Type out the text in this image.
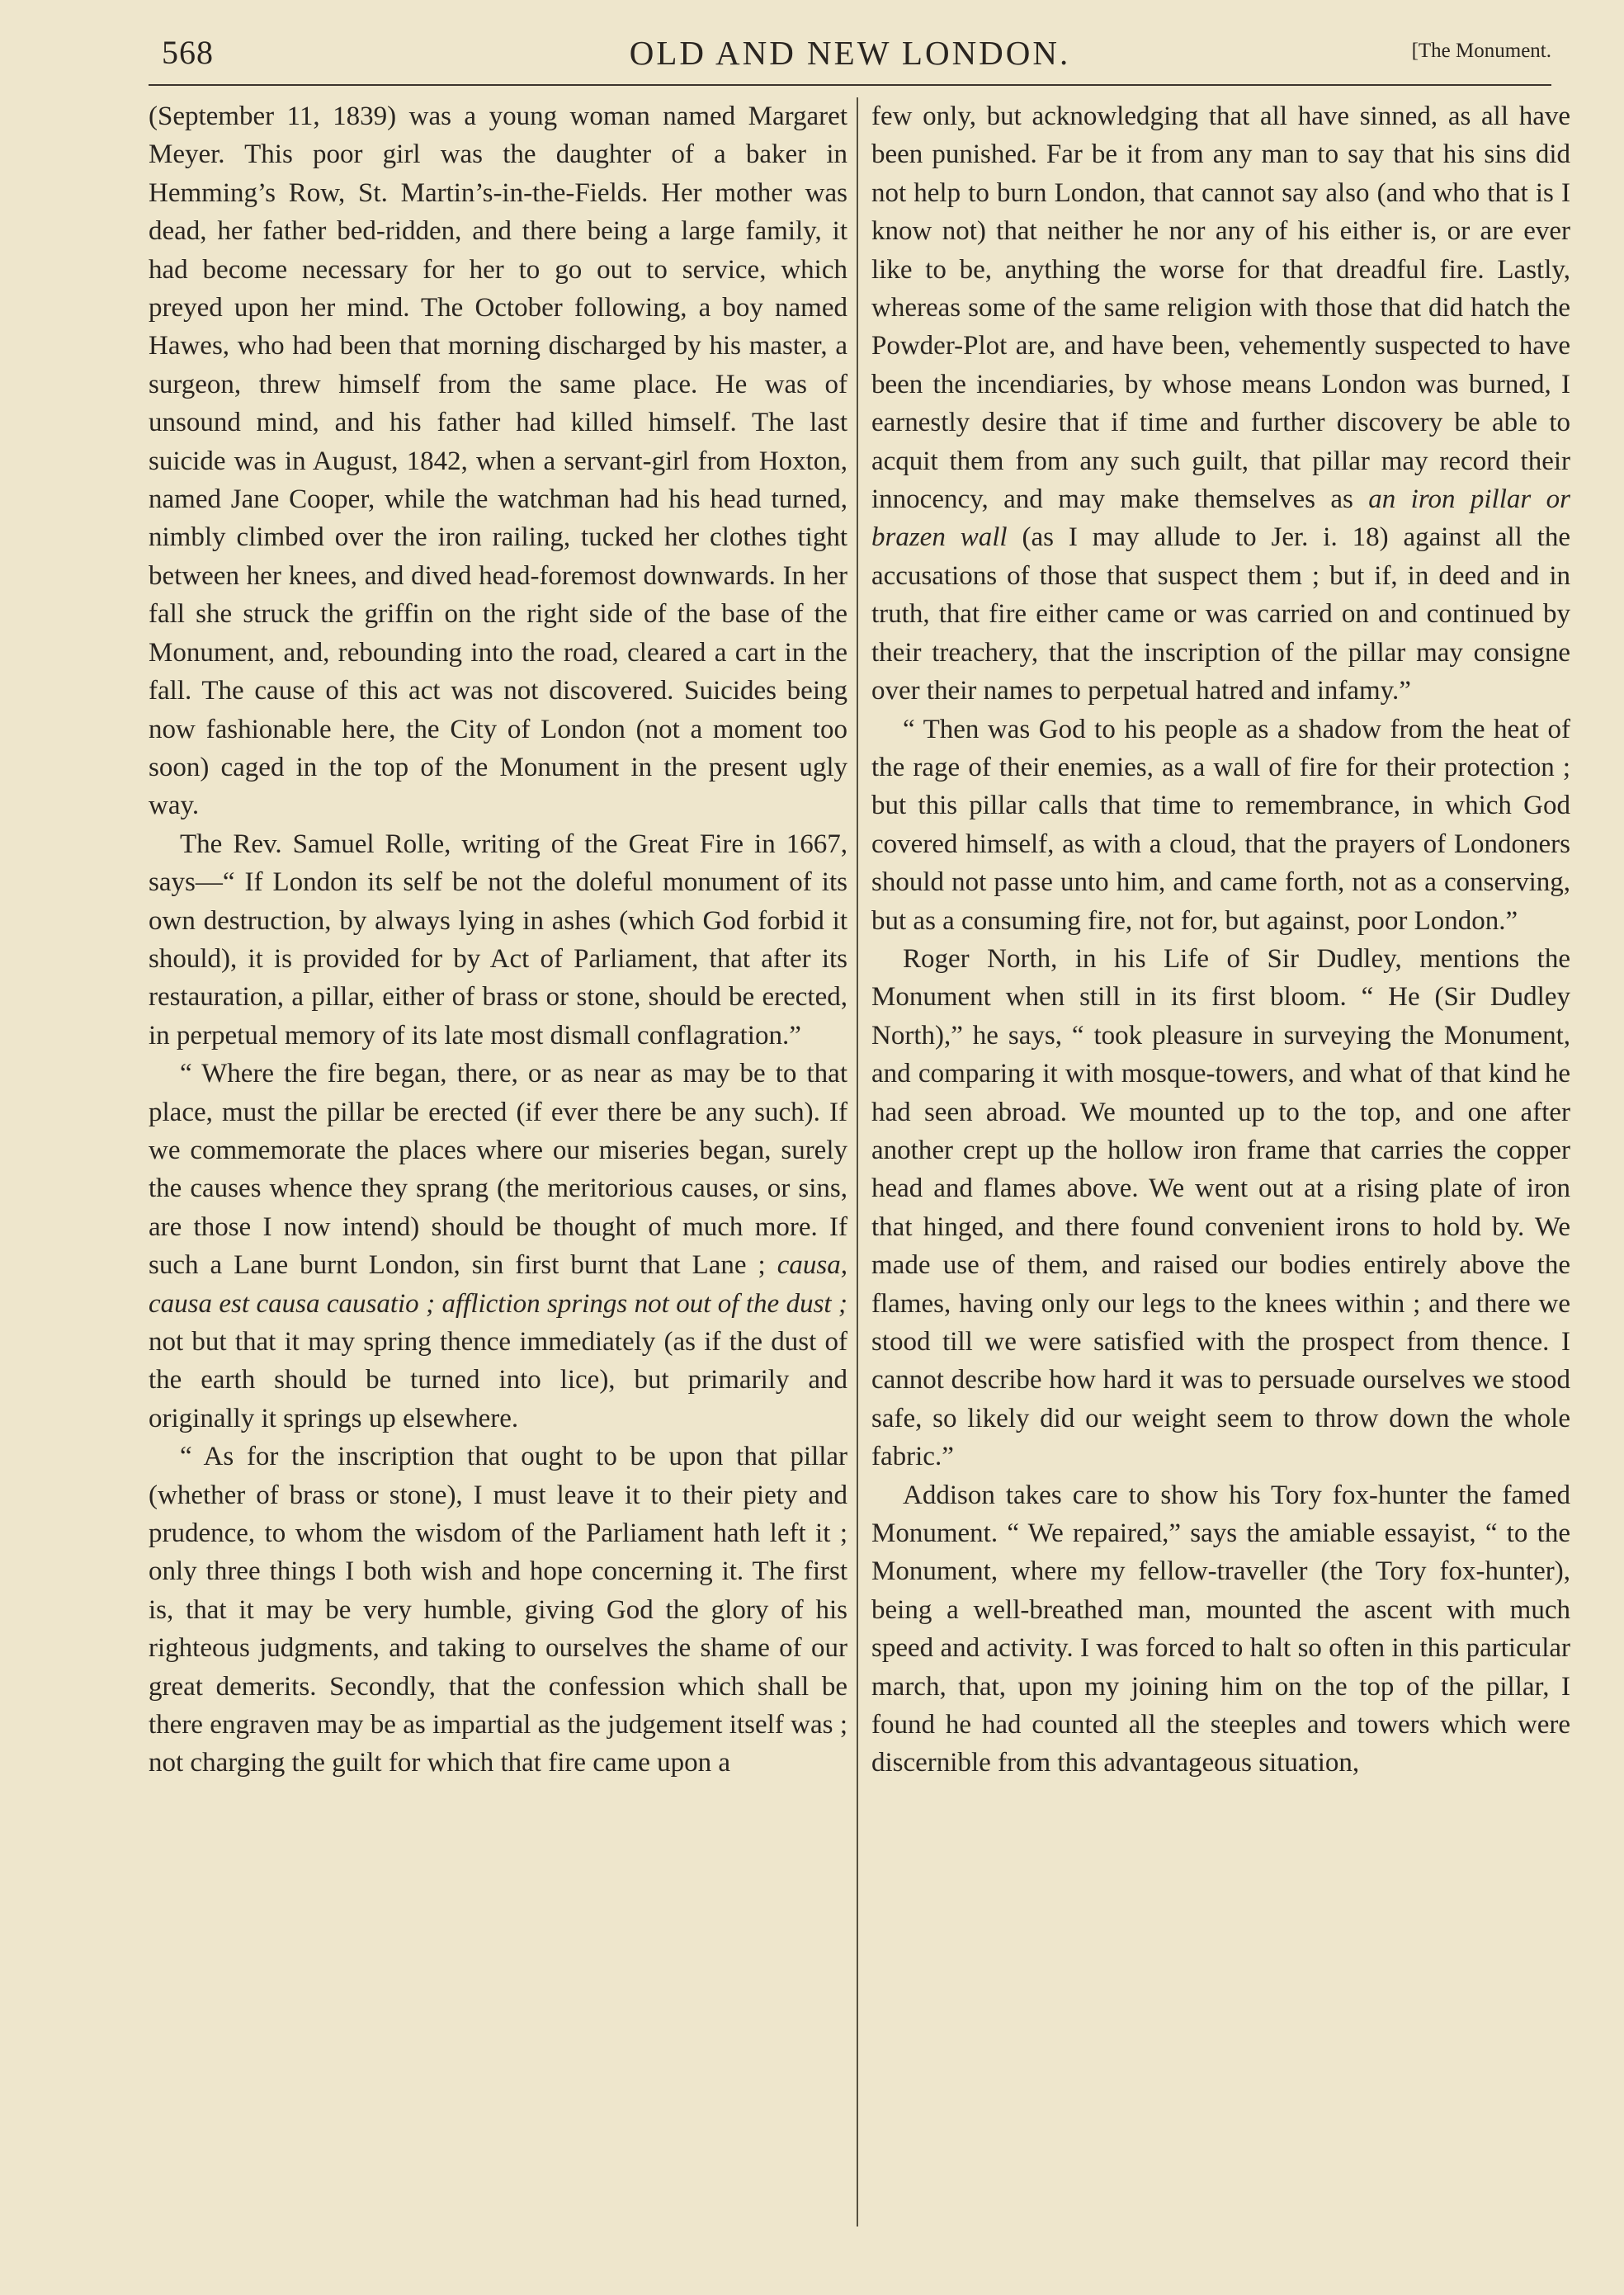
568	OLD AND NEW LONDON.	[The Monument.

(September 11, 1839) was a young woman named Margaret Meyer. This poor girl was the daughter of a baker in Hemming’s Row, St. Martin’s-in-the-Fields. Her mother was dead, her father bed-ridden, and there being a large family, it had become necessary for her to go out to service, which preyed upon her mind. The October following, a boy named Hawes, who had been that morning discharged by his master, a surgeon, threw himself from the same place. He was of unsound mind, and his father had killed himself. The last suicide was in August, 1842, when a servant-girl from Hoxton, named Jane Cooper, while the watchman had his head turned, nimbly climbed over the iron railing, tucked her clothes tight between her knees, and dived head-foremost downwards. In her fall she struck the griffin on the right side of the base of the Monument, and, rebounding into the road, cleared a cart in the fall. The cause of this act was not discovered. Suicides being now fashionable here, the City of London (not a moment too soon) caged in the top of the Monument in the present ugly way.

The Rev. Samuel Rolle, writing of the Great Fire in 1667, says—“ If London its self be not the doleful monument of its own destruction, by always lying in ashes (which God forbid it should), it is provided for by Act of Parliament, that after its restauration, a pillar, either of brass or stone, should be erected, in perpetual memory of its late most dismall conflagration.”

“ Where the fire began, there, or as near as may be to that place, must the pillar be erected (if ever there be any such). If we commemorate the places where our miseries began, surely the causes whence they sprang (the meritorious causes, or sins, are those I now intend) should be thought of much more. If such a Lane burnt London, sin first burnt that Lane ; causa, causa est causa causatio ; affliction springs not out of the dust ; not but that it may spring thence immediately (as if the dust of the earth should be turned into lice), but primarily and originally it springs up elsewhere.

“ As for the inscription that ought to be upon that pillar (whether of brass or stone), I must leave it to their piety and prudence, to whom the wisdom of the Parliament hath left it ; only three things I both wish and hope concerning it. The first is, that it may be very humble, giving God the glory of his righteous judgments, and taking to ourselves the shame of our great demerits. Secondly, that the confession which shall be there engraven may be as impartial as the judgement itself was ; not charging the guilt for which that fire came upon a

few only, but acknowledging that all have sinned, as all have been punished. Far be it from any man to say that his sins did not help to burn London, that cannot say also (and who that is I know not) that neither he nor any of his either is, or are ever like to be, anything the worse for that dreadful fire. Lastly, whereas some of the same religion with those that did hatch the Powder-Plot are, and have been, vehemently suspected to have been the incendiaries, by whose means London was burned, I earnestly desire that if time and further discovery be able to acquit them from any such guilt, that pillar may record their innocency, and may make themselves as an iron pillar or brazen wall (as I may allude to Jer. i. 18) against all the accusations of those that suspect them ; but if, in deed and in truth, that fire either came or was carried on and continued by their treachery, that the inscription of the pillar may consigne over their names to perpetual hatred and infamy.”

“ Then was God to his people as a shadow from the heat of the rage of their enemies, as a wall of fire for their protection ; but this pillar calls that time to remembrance, in which God covered himself, as with a cloud, that the prayers of Londoners should not passe unto him, and came forth, not as a conserving, but as a consuming fire, not for, but against, poor London.”

Roger North, in his Life of Sir Dudley, mentions the Monument when still in its first bloom. “ He (Sir Dudley North),” he says, “ took pleasure in surveying the Monument, and comparing it with mosque-towers, and what of that kind he had seen abroad. We mounted up to the top, and one after another crept up the hollow iron frame that carries the copper head and flames above. We went out at a rising plate of iron that hinged, and there found convenient irons to hold by. We made use of them, and raised our bodies entirely above the flames, having only our legs to the knees within ; and there we stood till we were satisfied with the prospect from thence. I cannot describe how hard it was to persuade ourselves we stood safe, so likely did our weight seem to throw down the whole fabric.”

Addison takes care to show his Tory fox-hunter the famed Monument. “ We repaired,” says the amiable essayist, “ to the Monument, where my fellow-traveller (the Tory fox-hunter), being a well-breathed man, mounted the ascent with much speed and activity. I was forced to halt so often in this particular march, that, upon my joining him on the top of the pillar, I found he had counted all the steeples and towers which were discernible from this advantageous situation,
